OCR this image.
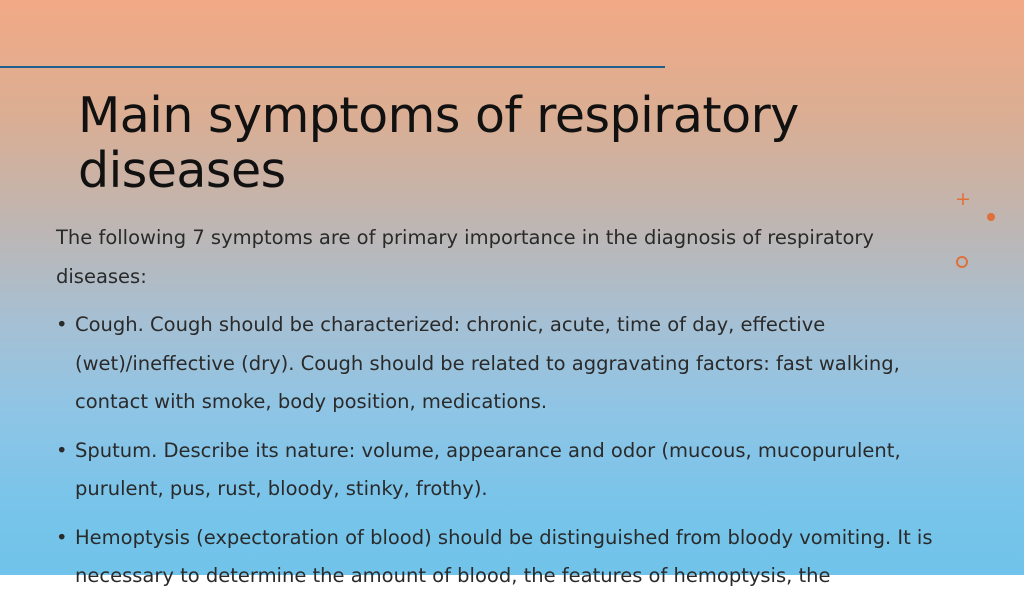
Main symptoms of respiratory diseases	+

The following 7 symptoms are of primary importance in the diagnosis of respiratory diseases:

• Cough. Cough should be characterized: chronic, acute, time of day, effective (wet)/ineffective (dry). Cough should be related to aggravating factors: fast walking, contact with smoke, body position, medications.
• Sputum. Describe its nature: volume, appearance and odor (mucous, mucopurulent, purulent, pus, rust, bloody, stinky, frothy).
• Hemoptysis (expectoration of blood) should be distinguished from bloody vomiting. It is necessary to determine the amount of blood, the features of hemoptysis, the
